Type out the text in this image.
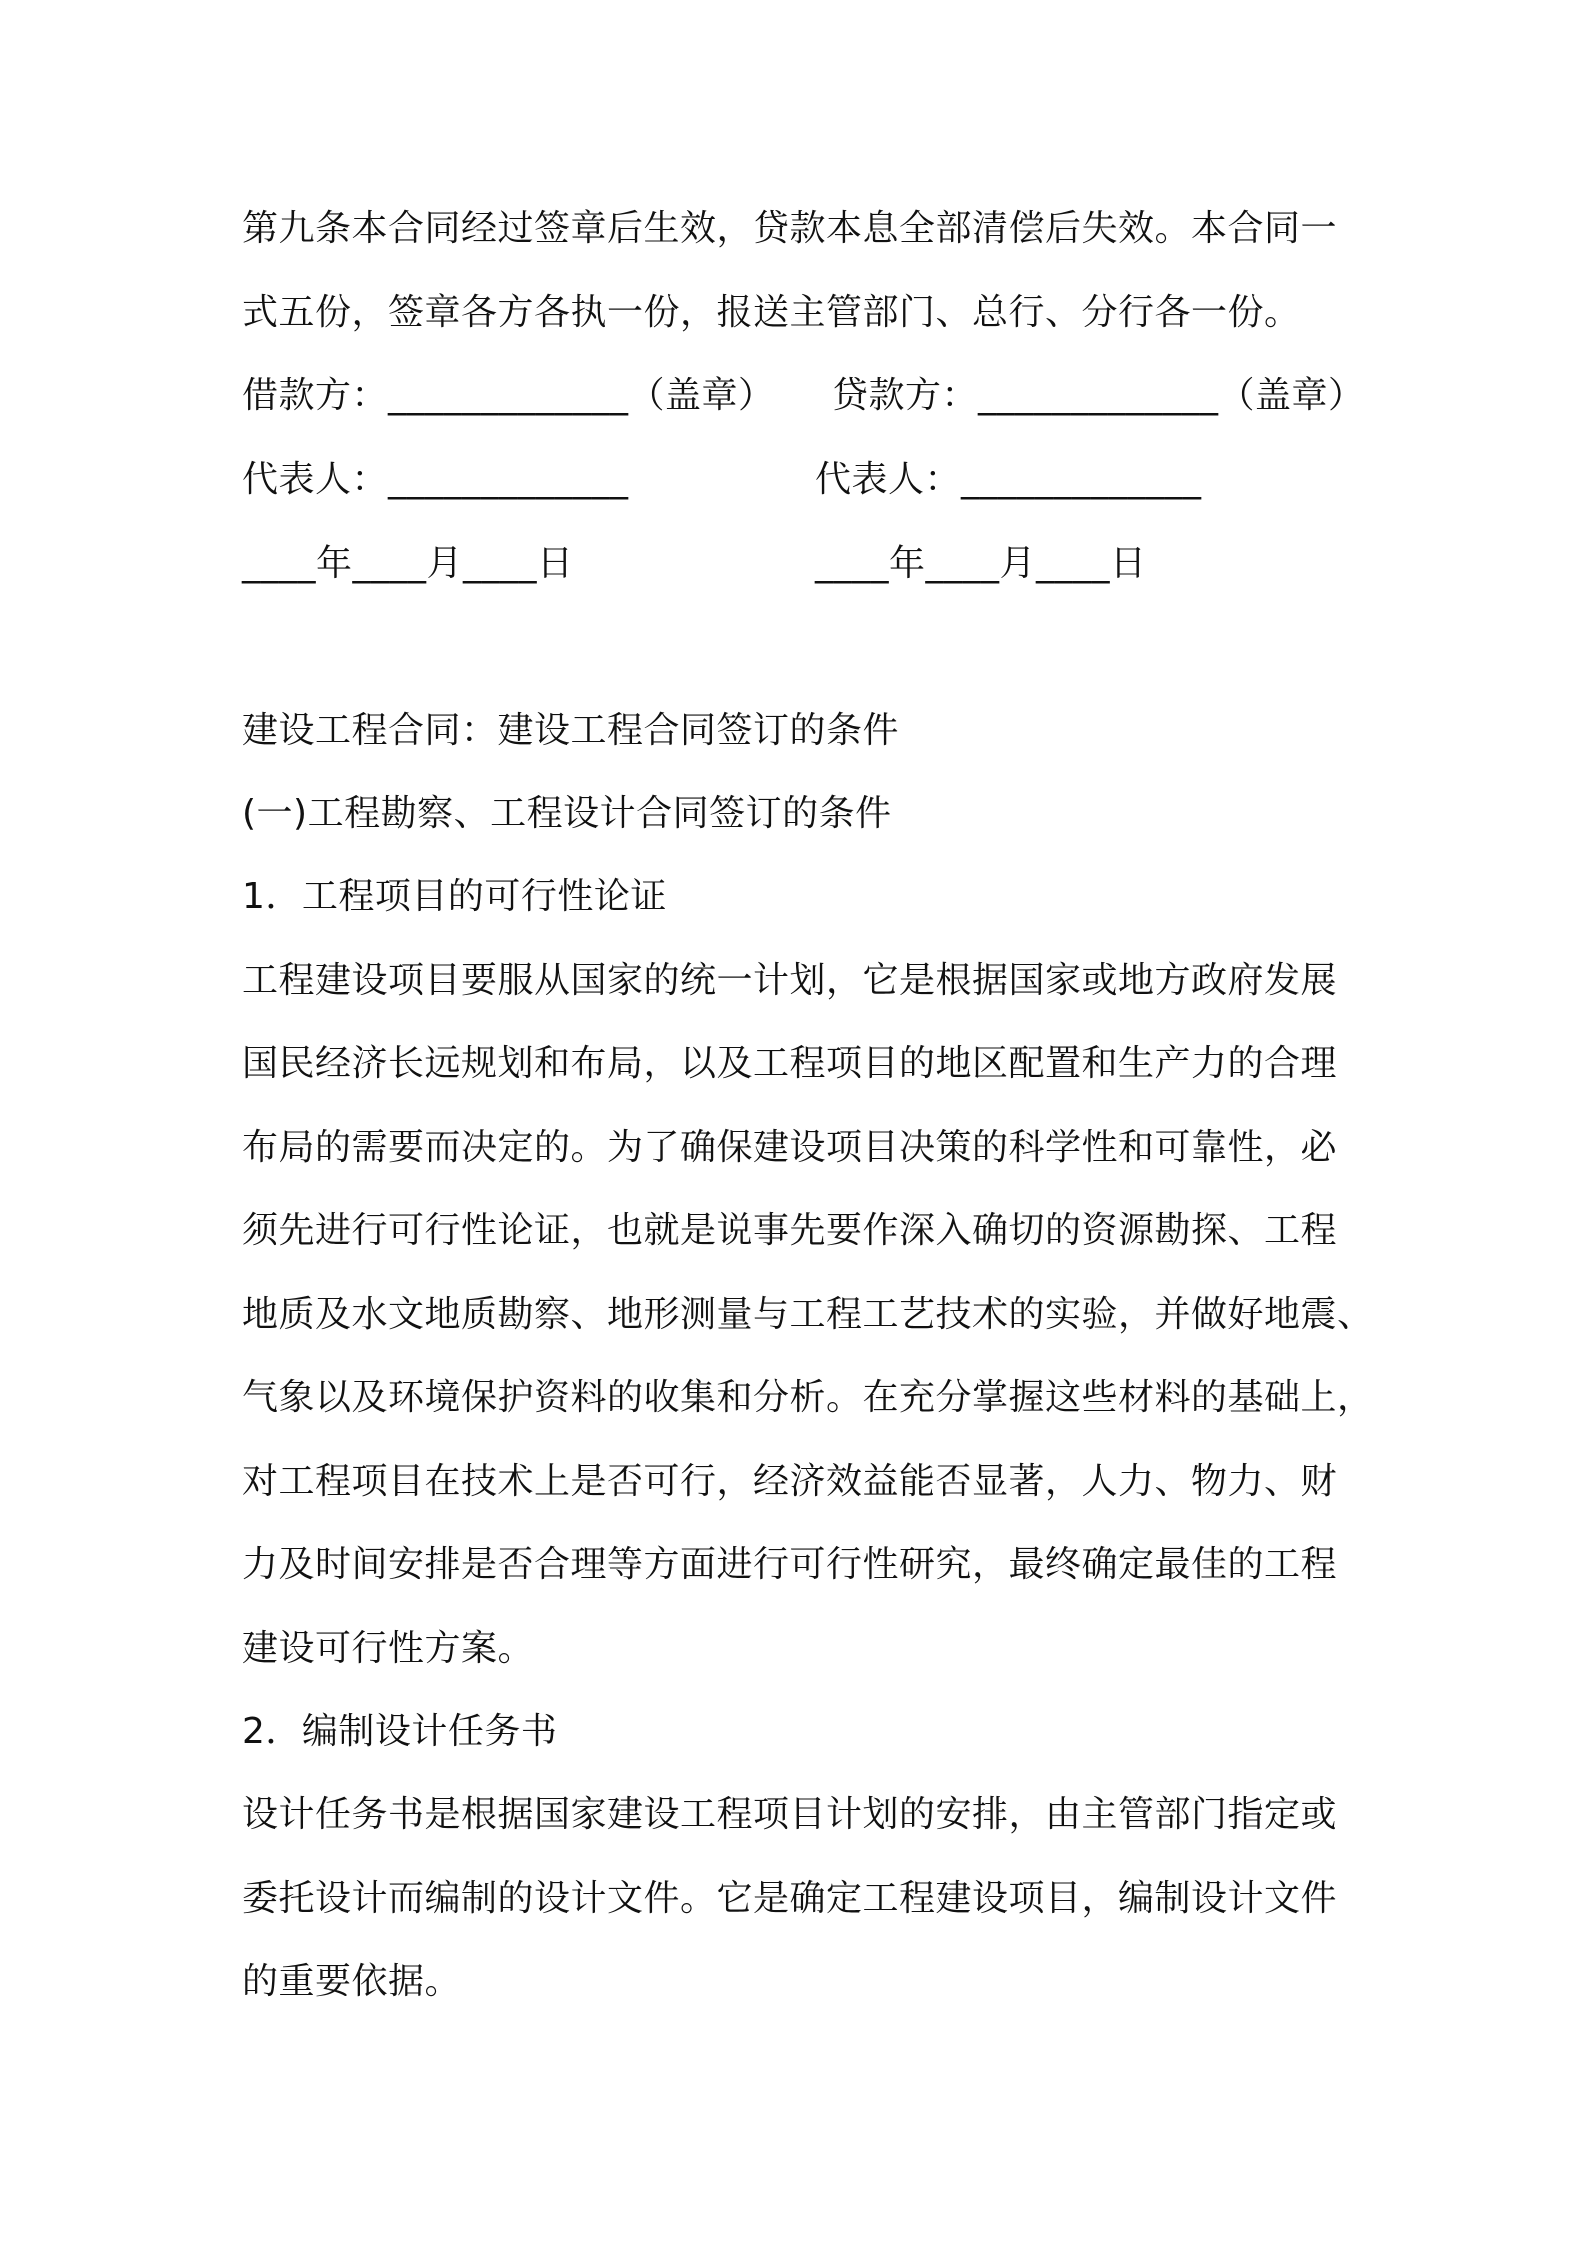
第九条本合同经过签章后生效，贷款本息全部清偿后失效。本合同一
式五份，签章各方各执一份，报送主管部门、总行、分行各一份。
借款方：_____________（盖章） 贷款方：_____________（盖章）
代表人：_____________	代表人：_____________
____年____月____日	____年____月____日
建设工程合同：建设工程合同签订的条件
(一)工程勘察、工程设计合同签订的条件
1．工程项目的可行性论证
工程建设项目要服从国家的统一计划，它是根据国家或地方政府发展
国民经济长远规划和布局，以及工程项目的地区配置和生产力的合理
布局的需要而决定的。为了确保建设项目决策的科学性和可靠性，必
须先进行可行性论证，也就是说事先要作深入确切的资源勘探、工程
地质及水文地质勘察、地形测量与工程工艺技术的实验，并做好地震、
气象以及环境保护资料的收集和分析。在充分掌握这些材料的基础上，
对工程项目在技术上是否可行，经济效益能否显著，人力、物力、财
力及时间安排是否合理等方面进行可行性研究，最终确定最佳的工程
建设可行性方案。
2．编制设计任务书
设计任务书是根据国家建设工程项目计划的安排，由主管部门指定或
委托设计而编制的设计文件。它是确定工程建设项目，编制设计文件
的重要依据。
